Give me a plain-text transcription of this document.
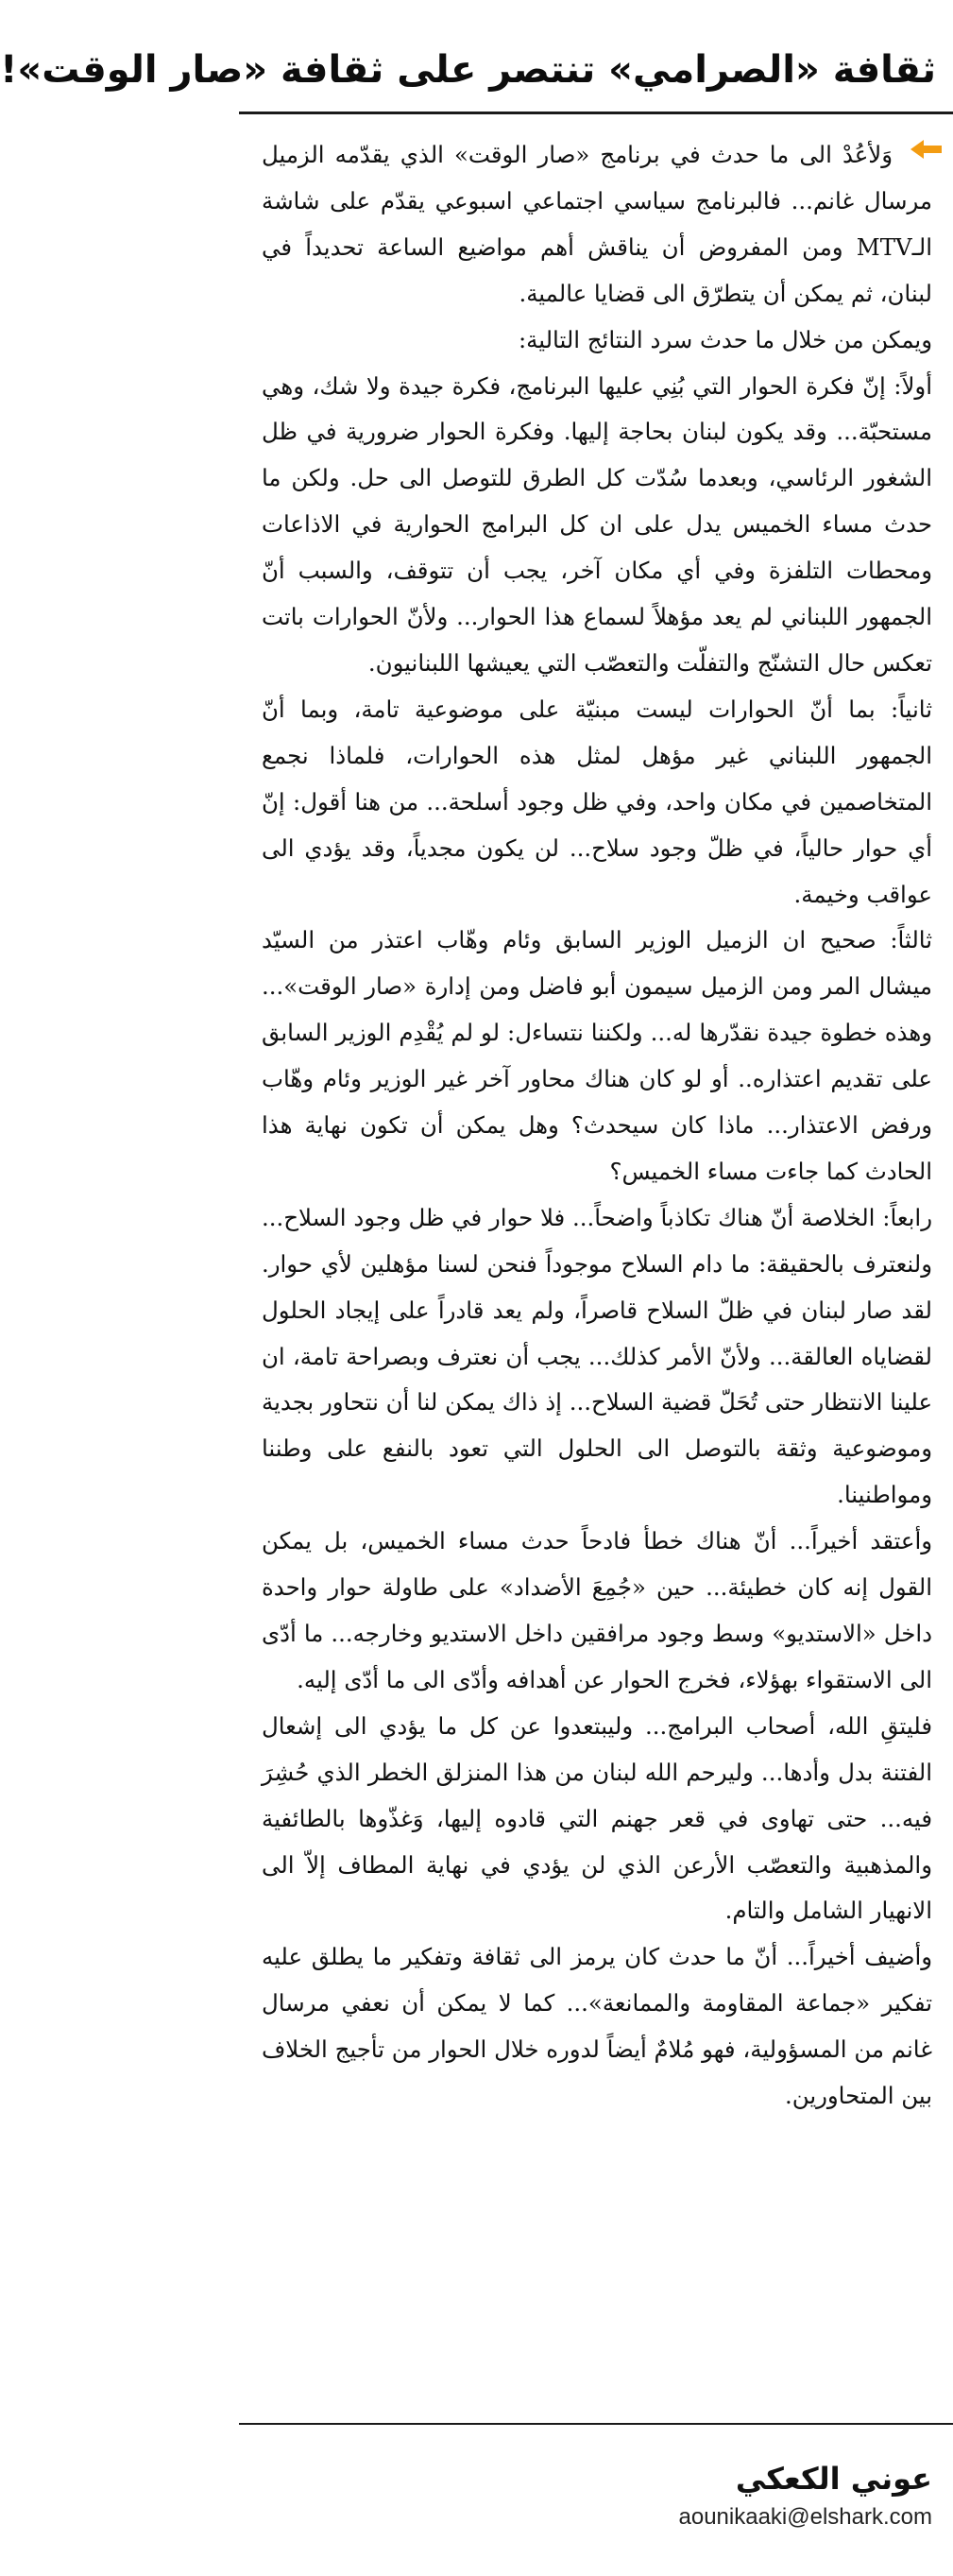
ثقافة «الصرامي» تنتصر على ثقافة «صار الوقت»!

وَلأعُدْ الى ما حدث في برنامج «صار الوقت» الذي يقدّمه الزميل مرسال غانم... فالبرنامج سياسي اجتماعي اسبوعي يقدّم على شاشة الـMTV ومن المفروض أن يناقش أهم مواضيع الساعة تحديداً في لبنان، ثم يمكن أن يتطرّق الى قضايا عالمية.

ويمكن من خلال ما حدث سرد النتائج التالية:

أولاً: إنّ فكرة الحوار التي بُنِي عليها البرنامج، فكرة جيدة ولا شك، وهي مستحبّة... وقد يكون لبنان بحاجة إليها. وفكرة الحوار ضرورية في ظل الشغور الرئاسي، وبعدما سُدّت كل الطرق للتوصل الى حل. ولكن ما حدث مساء الخميس يدل على ان كل البرامج الحوارية في الاذاعات ومحطات التلفزة وفي أي مكان آخر، يجب أن تتوقف، والسبب أنّ الجمهور اللبناني لم يعد مؤهلاً لسماع هذا الحوار... ولأنّ الحوارات باتت تعكس حال التشنّج والتفلّت والتعصّب التي يعيشها اللبنانيون.

ثانياً: بما أنّ الحوارات ليست مبنيّة على موضوعية تامة، وبما أنّ الجمهور اللبناني غير مؤهل لمثل هذه الحوارات، فلماذا نجمع المتخاصمين في مكان واحد، وفي ظل وجود أسلحة... من هنا أقول: إنّ أي حوار حالياً، في ظلّ وجود سلاح... لن يكون مجدياً، وقد يؤدي الى عواقب وخيمة.

ثالثاً: صحيح ان الزميل الوزير السابق وئام وهّاب اعتذر من السيّد ميشال المر ومن الزميل سيمون أبو فاضل ومن إدارة «صار الوقت»... وهذه خطوة جيدة نقدّرها له... ولكننا نتساءل: لو لم يُقْدِم الوزير السابق على تقديم اعتذاره.. أو لو كان هناك محاور آخر غير الوزير وئام وهّاب ورفض الاعتذار... ماذا كان سيحدث؟ وهل يمكن أن تكون نهاية هذا الحادث كما جاءت مساء الخميس؟

رابعاً: الخلاصة أنّ هناك تكاذباً واضحاً... فلا حوار في ظل وجود السلاح... ولنعترف بالحقيقة: ما دام السلاح موجوداً فنحن لسنا مؤهلين لأي حوار. لقد صار لبنان في ظلّ السلاح قاصراً، ولم يعد قادراً على إيجاد الحلول لقضاياه العالقة... ولأنّ الأمر كذلك... يجب أن نعترف وبصراحة تامة، ان علينا الانتظار حتى تُحَلّ قضية السلاح... إذ ذاك يمكن لنا أن نتحاور بجدية وموضوعية وثقة بالتوصل الى الحلول التي تعود بالنفع على وطننا ومواطنينا.

وأعتقد أخيراً... أنّ هناك خطأ فادحاً حدث مساء الخميس، بل يمكن القول إنه كان خطيئة... حين «جُمِعَ الأضداد» على طاولة حوار واحدة داخل «الاستديو» وسط وجود مرافقين داخل الاستديو وخارجه... ما أدّى الى الاستقواء بهؤلاء، فخرج الحوار عن أهدافه وأدّى الى ما أدّى إليه.

فليتقِ الله، أصحاب البرامج... وليبتعدوا عن كل ما يؤدي الى إشعال الفتنة بدل وأدها... وليرحم الله لبنان من هذا المنزلق الخطر الذي حُشِرَ فيه... حتى تهاوى في قعر جهنم التي قادوه إليها، وَغذّوها بالطائفية والمذهبية والتعصّب الأرعن الذي لن يؤدي في نهاية المطاف إلاّ الى الانهيار الشامل والتام.

وأضيف أخيراً... أنّ ما حدث كان يرمز الى ثقافة وتفكير ما يطلق عليه تفكير «جماعة المقاومة والممانعة»... كما لا يمكن أن نعفي مرسال غانم من المسؤولية، فهو مُلامٌ أيضاً لدوره خلال الحوار من تأجيج الخلاف بين المتحاورين.

عوني الكعكي
aounikaaki@elshark.com
